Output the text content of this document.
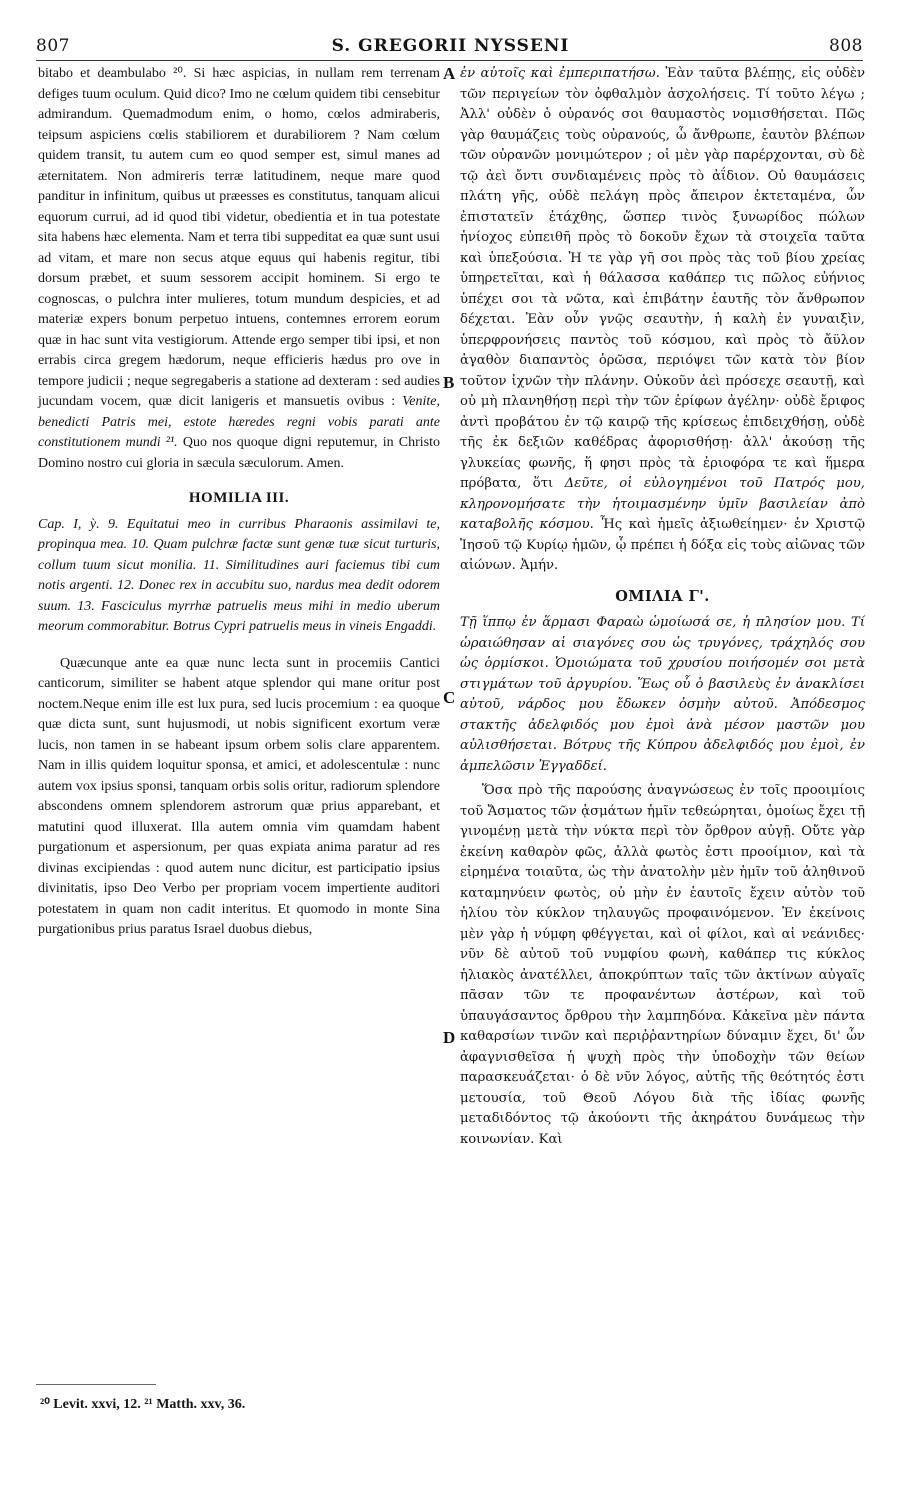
807	S. GREGORII NYSSENI	808

bitabo et deambulabo ²⁰. Si hæc aspicias, in nullam rem terrenam defiges tuum oculum. Quid dico? Imo ne cœlum quidem tibi censebitur admirandum. Quemadmodum enim, o homo, cœlos admiraberis, teipsum aspiciens cœlis stabiliorem et durabiliorem ? Nam cœlum quidem transit, tu autem cum eo quod semper est, simul manes ad æternitatem. Non admireris terræ latitudinem, neque mare quod panditur in infinitum, quibus ut præesses es constitutus, tanquam alicui equorum currui, ad id quod tibi videtur, obedientia et in tua potestate sita habens hæc elementa. Nam et terra tibi suppeditat ea quæ sunt usui ad vitam, et mare non secus atque equus qui habenis regitur, tibi dorsum præbet, et suum sessorem accipit hominem. Si ergo te cognoscas, o pulchra inter mulieres, totum mundum despicies, et ad materiæ expers bonum perpetuo intuens, contemnes errorem eorum quæ in hac sunt vita vestigiorum. Attende ergo semper tibi ipsi, et non errabis circa gregem hædorum, neque efficieris hædus pro ove in tempore judicii ; neque segregaberis a statione ad dexteram : sed audies jucundam vocem, quæ dicit lanigeris et mansuetis ovibus : Venite, benedicti Patris mei, estote hæredes regni vobis parati ante constitutionem mundi ²¹. Quo nos quoque digni reputemur, in Christo Domino nostro cui gloria in sæcula sæculorum. Amen.

HOMILIA III.

Cap. I, ỳ. 9. Equitatui meo in curribus Pharaonis assimilavi te, propinqua mea. 10. Quam pulchræ factæ sunt genæ tuæ sicut turturis, collum tuum sicut monilia. 11. Similitudines auri faciemus tibi cum notis argenti. 12. Donec rex in accubitu suo, nardus mea dedit odorem suum. 13. Fasciculus myrrhæ patruelis meus mihi in medio uberum meorum commorabitur. Botrus Cypri patruelis meus in vineis Engaddi.

Quæcunque ante ea quæ nunc lecta sunt in procemiis Cantici canticorum, similiter se habent atque splendor qui mane oritur post noctem.Neque enim ille est lux pura, sed lucis procemium : ea quoque quæ dicta sunt, sunt hujusmodi, ut nobis significent exortum veræ lucis, non tamen in se habeant ipsum orbem solis clare apparentem. Nam in illis quidem loquitur sponsa, et amici, et adolescentulæ : nunc autem vox ipsius sponsi, tanquam orbis solis oritur, radiorum splendore abscondens omnem splendorem astrorum quæ prius apparebant, et matutini quod illuxerat. Illa autem omnia vim quamdam habent purgationum et aspersionum, per quas expiata anima paratur ad res divinas excipiendas : quod autem nunc dicitur, est participatio ipsius divinitatis, ipso Deo Verbo per propriam vocem impertiente auditori potestatem in quam non cadit interitus. Et quomodo in monte Sina purgationibus prius paratus Israel duobus diebus,

A
B
C
D

ἐν αὐτοῖς καὶ ἐμπεριπατήσω. Ἐὰν ταῦτα βλέπῃς, εἰς οὐδὲν τῶν περιγείων τὸν ὀφθαλμὸν ἀσχολήσεις. Τί τοῦτο λέγω ; Ἀλλ' οὐδὲν ὁ οὐρανός σοι θαυμαστὸς νομισθήσεται. Πῶς γὰρ θαυμάζεις τοὺς οὐρανούς, ὦ ἄνθρωπε, ἑαυτὸν βλέπων τῶν οὐρανῶν μονιμώτερον ; οἱ μὲν γὰρ παρέρχονται, σὺ δὲ τῷ ἀεὶ ὄντι συνδιαμένεις πρὸς τὸ ἀΐδιον. Οὐ θαυμάσεις πλάτη γῆς, οὐδὲ πελάγη πρὸς ἄπειρον ἐκτεταμένα, ὧν ἐπιστατεῖν ἐτάχθης, ὥσπερ τινὸς ξυνωρίδος πώλων ἡνίοχος εὐπειθῆ πρὸς τὸ δοκοῦν ἔχων τὰ στοιχεῖα ταῦτα καὶ ὑπεξούσια. Ἡ τε γὰρ γῆ σοι πρὸς τὰς τοῦ βίου χρείας ὑπηρετεῖται, καὶ ἡ θάλασσα καθάπερ τις πῶλος εὐήνιος ὑπέχει σοι τὰ νῶτα, καὶ ἐπιβάτην ἑαυτῆς τὸν ἄνθρωπον δέχεται. Ἐὰν οὖν γνῷς σεαυτὴν, ἡ καλὴ ἐν γυναιξὶν, ὑπερφρονήσεις παντὸς τοῦ κόσμου, καὶ πρὸς τὸ ἄϋλον ἀγαθὸν διαπαντὸς ὁρῶσα, περιόψει τῶν κατὰ τὸν βίον τοῦτον ἰχνῶν τὴν πλάνην. Οὐκοῦν ἀεὶ πρόσεχε σεαυτῇ, καὶ οὐ μὴ πλανηθήσῃ περὶ τὴν τῶν ἐρίφων ἀγέλην· οὐδὲ ἔριφος ἀντὶ προβάτου ἐν τῷ καιρῷ τῆς κρίσεως ἐπιδειχθήσῃ, οὐδὲ τῆς ἐκ δεξιῶν καθέδρας ἀφορισθήσῃ· ἀλλ' ἀκούσῃ τῆς γλυκείας φωνῆς, ἥ φησι πρὸς τὰ ἐριοφόρα τε καὶ ἥμερα πρόβατα, ὅτι Δεῦτε, οἱ εὐλογημένοι τοῦ Πατρός μου, κληρονομήσατε τὴν ἡτοιμασμένην ὑμῖν βασιλείαν ἀπὸ καταβολῆς κόσμου. Ἧς καὶ ἡμεῖς ἀξιωθείημεν· ἐν Χριστῷ Ἰησοῦ τῷ Κυρίῳ ἡμῶν, ᾧ πρέπει ἡ δόξα εἰς τοὺς αἰῶνας τῶν αἰώνων. Ἀμήν.

ΟΜΙΛΙΑ Γ'.

Τῇ ἵππῳ ἐν ἅρμασι Φαραὼ ὡμοίωσά σε, ἡ πλησίον μου. Τί ὡραιώθησαν αἱ σιαγόνες σου ὡς τρυγόνες, τράχηλός σου ὡς ὁρμίσκοι. Ὁμοιώματα τοῦ χρυσίου ποιήσομέν σοι μετὰ στιγμάτων τοῦ ἀργυρίου. Ἕως οὗ ὁ βασιλεὺς ἐν ἀνακλίσει αὐτοῦ, νάρδος μου ἔδωκεν ὀσμὴν αὐτοῦ. Ἀπόδεσμος στακτῆς ἀδελφιδός μου ἐμοὶ ἀνὰ μέσον μαστῶν μου αὐλισθήσεται. Βότρυς τῆς Κύπρου ἀδελφιδός μου ἐμοὶ, ἐν ἀμπελῶσιν Ἐγγαδδεί.

Ὅσα πρὸ τῆς παρούσης ἀναγνώσεως ἐν τοῖς προοιμίοις τοῦ Ἄσματος τῶν ᾀσμάτων ἡμῖν τεθεώρηται, ὁμοίως ἔχει τῇ γινομένῃ μετὰ τὴν νύκτα περὶ τὸν ὄρθρον αὐγῇ. Οὔτε γὰρ ἐκείνη καθαρὸν φῶς, ἀλλὰ φωτὸς ἐστι προοίμιον, καὶ τὰ εἰρημένα τοιαῦτα, ὡς τὴν ἀνατολὴν μὲν ἡμῖν τοῦ ἀληθινοῦ καταμηνύειν φωτὸς, οὐ μὴν ἐν ἑαυτοῖς ἔχειν αὐτὸν τοῦ ἡλίου τὸν κύκλον τηλαυγῶς προφαινόμενον. Ἐν ἐκείνοις μὲν γὰρ ἡ νύμφη φθέγγεται, καὶ οἱ φίλοι, καὶ αἱ νεάνιδες· νῦν δὲ αὐτοῦ τοῦ νυμφίου φωνὴ, καθάπερ τις κύκλος ἡλιακὸς ἀνατέλλει, ἀποκρύπτων ταῖς τῶν ἀκτίνων αὐγαῖς πᾶσαν τῶν τε προφανέντων ἀστέρων, καὶ τοῦ ὑπαυγάσαντος ὄρθρου τὴν λαμπηδόνα. Κἀκεῖνα μὲν πάντα καθαρσίων τινῶν καὶ περιῤῥαντηρίων δύναμιν ἔχει, δι' ὧν ἀφαγνισθεῖσα ἡ ψυχὴ πρὸς τὴν ὑποδοχὴν τῶν θείων παρασκευάζεται· ὁ δὲ νῦν λόγος, αὐτῆς τῆς θεότητός ἐστι μετουσία, τοῦ Θεοῦ Λόγου διὰ τῆς ἰδίας φωνῆς μεταδιδόντος τῷ ἀκούοντι τῆς ἀκηράτου δυνάμεως τὴν κοινωνίαν. Καὶ

²⁰ Levit. xxvi, 12. ²¹ Matth. xxv, 36.
